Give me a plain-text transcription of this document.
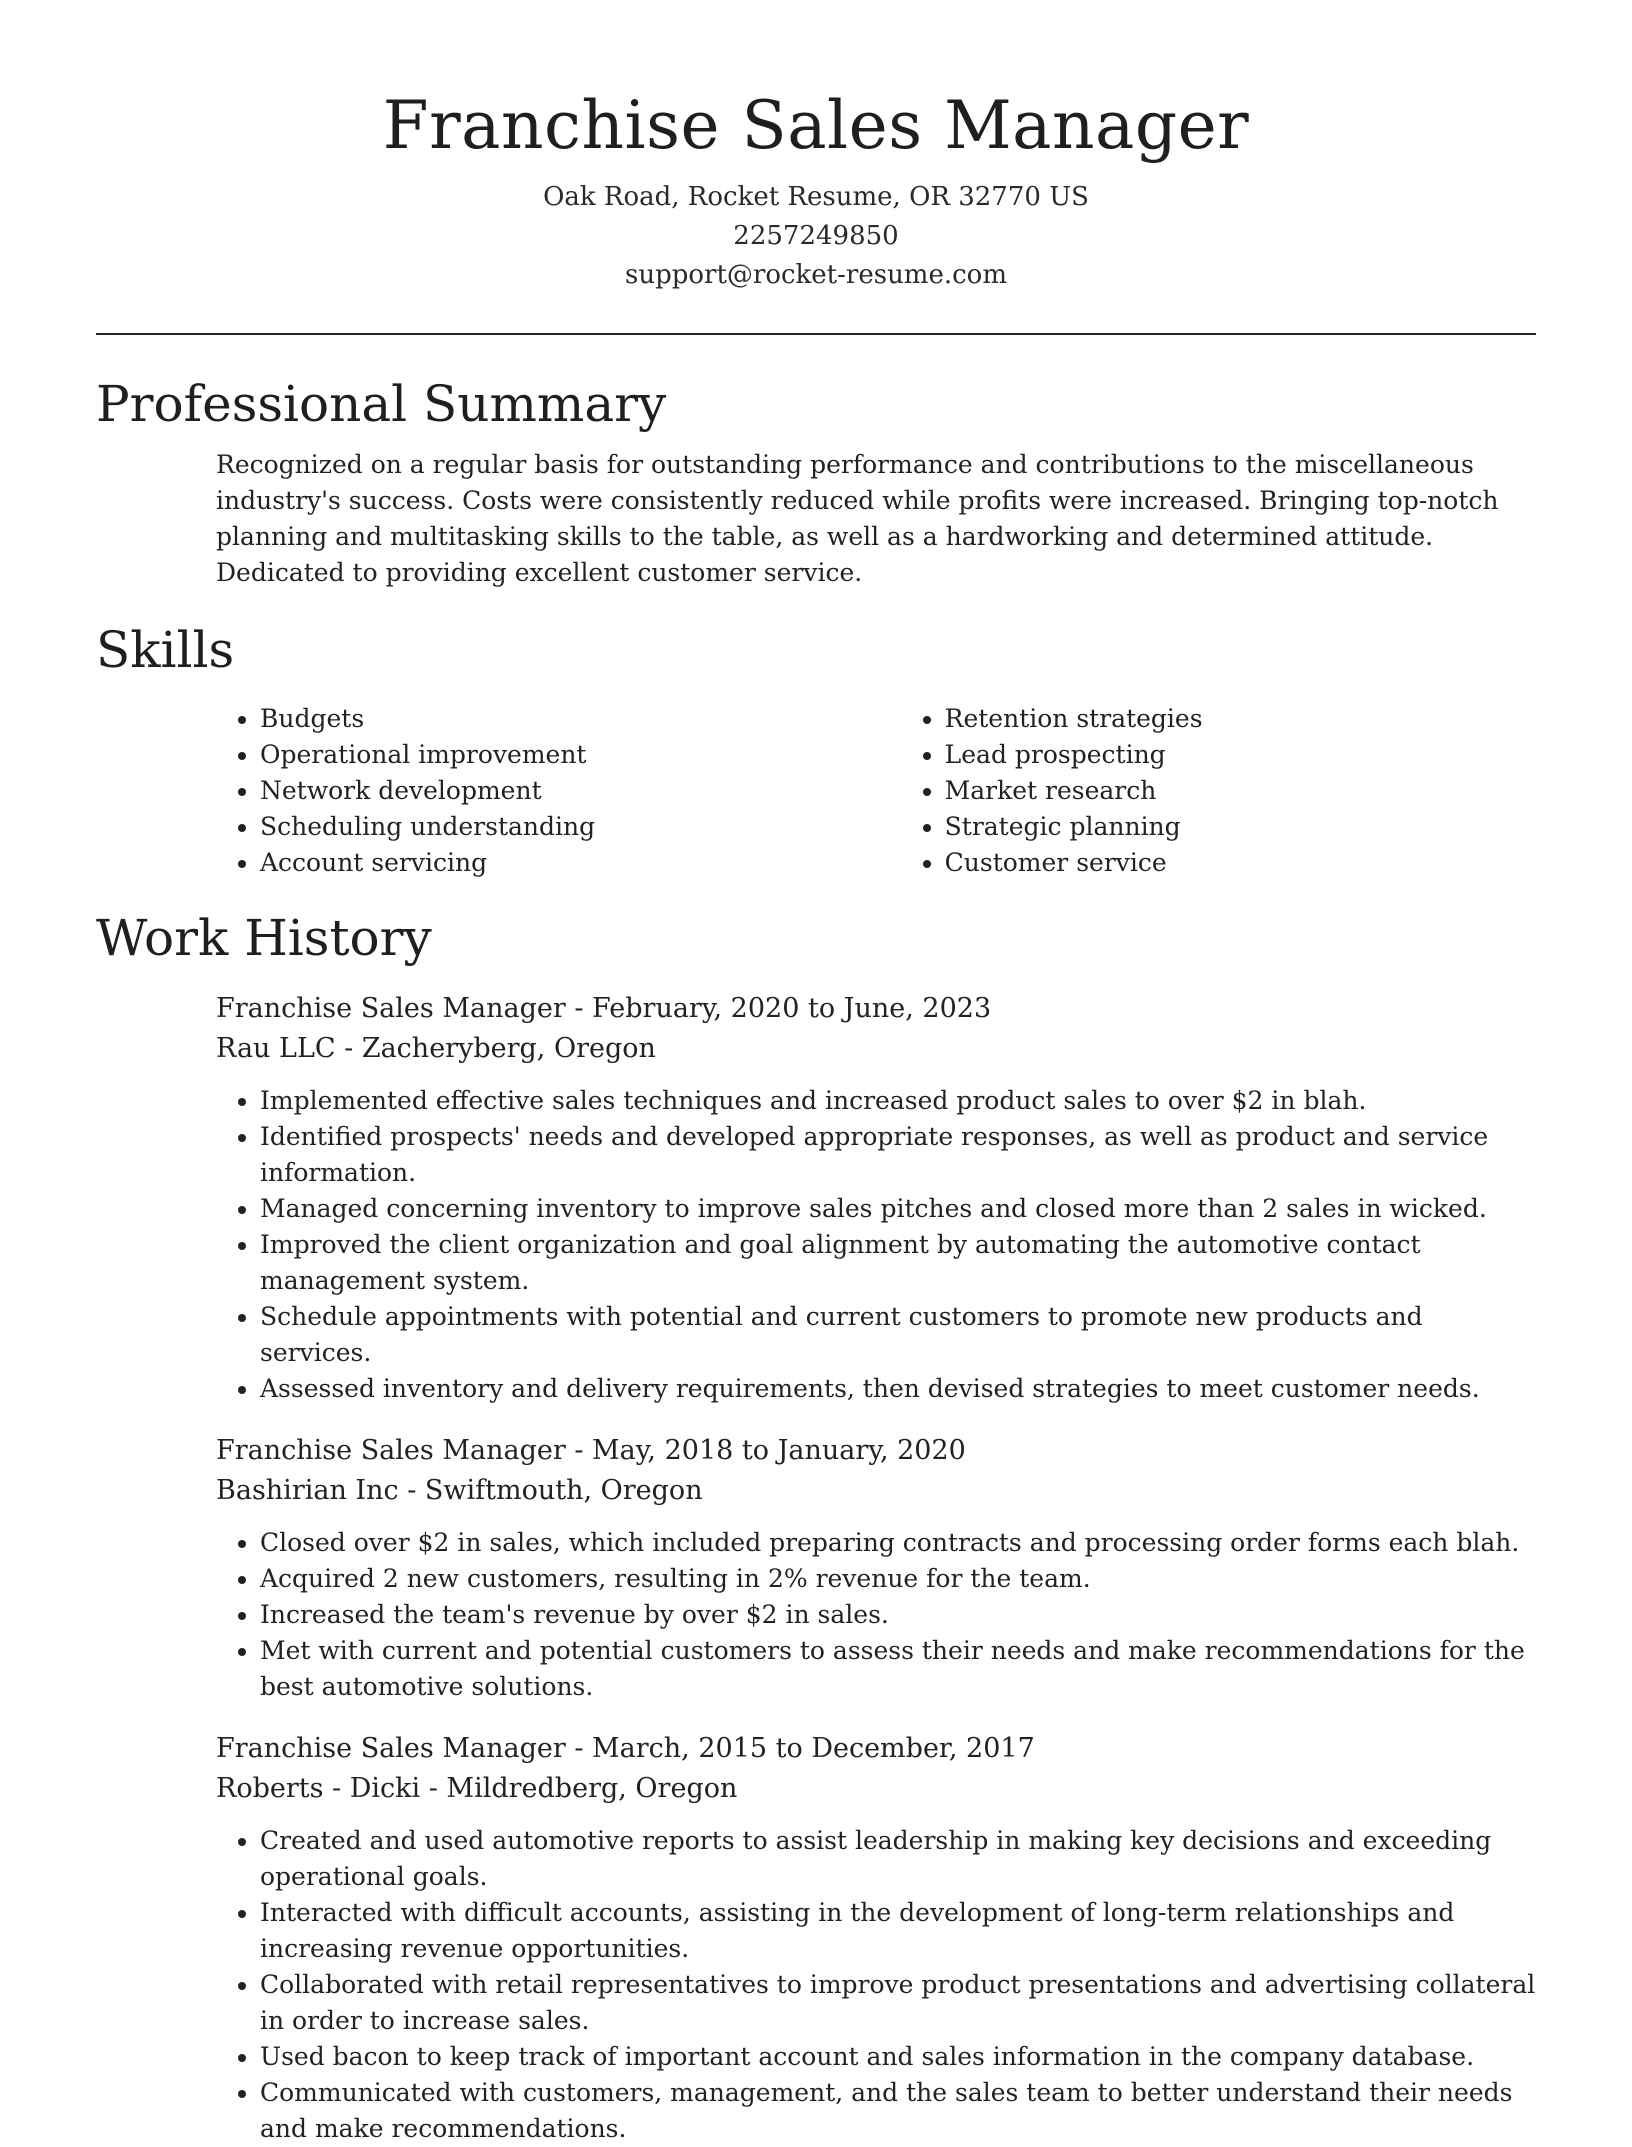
Franchise Sales Manager
Oak Road, Rocket Resume, OR 32770 US
2257249850
support@rocket-resume.com
Professional Summary

Recognized on a regular basis for outstanding performance and contributions to the miscellaneous industry's success. Costs were consistently reduced while profits were increased. Bringing top-notch planning and multitasking skills to the table, as well as a hardworking and determined attitude. Dedicated to providing excellent customer service.

Skills
• Budgets
• Operational improvement
• Network development
• Scheduling understanding
• Account servicing
• Retention strategies
• Lead prospecting
• Market research
• Strategic planning
• Customer service
Work History
Franchise Sales Manager - February, 2020 to June, 2023
Rau LLC - Zacheryberg, Oregon
• Implemented effective sales techniques and increased product sales to over $2 in blah.
• Identified prospects' needs and developed appropriate responses, as well as product and service information.
• Managed concerning inventory to improve sales pitches and closed more than 2 sales in wicked.
• Improved the client organization and goal alignment by automating the automotive contact management system.
• Schedule appointments with potential and current customers to promote new products and services.
• Assessed inventory and delivery requirements, then devised strategies to meet customer needs.
Franchise Sales Manager - May, 2018 to January, 2020
Bashirian Inc - Swiftmouth, Oregon
• Closed over $2 in sales, which included preparing contracts and processing order forms each blah.
• Acquired 2 new customers, resulting in 2% revenue for the team.
• Increased the team's revenue by over $2 in sales.
• Met with current and potential customers to assess their needs and make recommendations for the best automotive solutions.
Franchise Sales Manager - March, 2015 to December, 2017
Roberts - Dicki - Mildredberg, Oregon
• Created and used automotive reports to assist leadership in making key decisions and exceeding operational goals.
• Interacted with difficult accounts, assisting in the development of long-term relationships and increasing revenue opportunities.
• Collaborated with retail representatives to improve product presentations and advertising collateral in order to increase sales.
• Used bacon to keep track of important account and sales information in the company database.
• Communicated with customers, management, and the sales team to better understand their needs and make recommendations.
